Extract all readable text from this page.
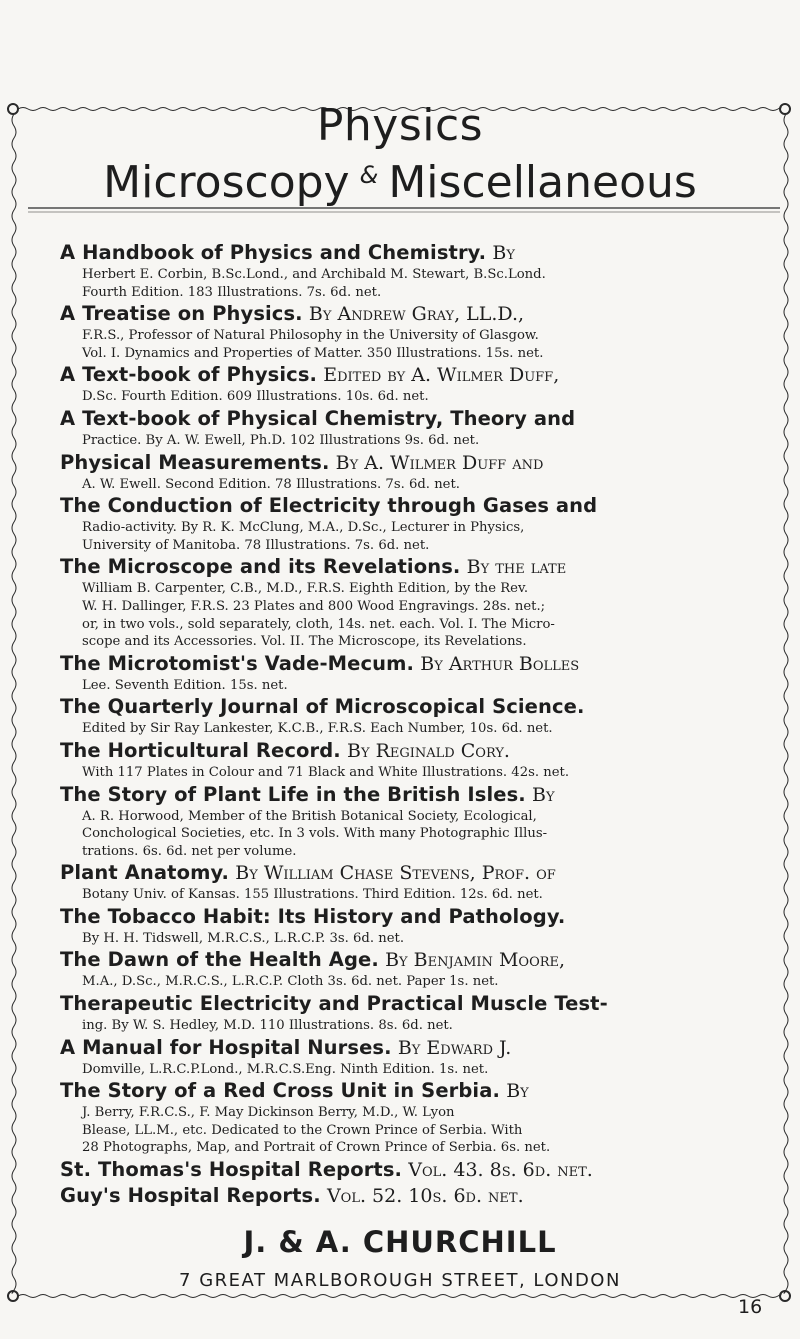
Physics
Microscopy & Miscellaneous
A Handbook of Physics and Chemistry. By
Herbert E. Corbin, B.Sc.Lond., and Archibald M. Stewart, B.Sc.Lond.
Fourth Edition. 183 Illustrations. 7s. 6d. net.
A Treatise on Physics. By Andrew Gray, LL.D.,
F.R.S., Professor of Natural Philosophy in the University of Glasgow.
Vol. I. Dynamics and Properties of Matter. 350 Illustrations. 15s. net.
A Text-book of Physics. Edited by A. Wilmer Duff,
D.Sc. Fourth Edition. 609 Illustrations. 10s. 6d. net.
A Text-book of Physical Chemistry, Theory and
Practice. By A. W. Ewell, Ph.D. 102 Illustrations 9s. 6d. net.
Physical Measurements. By A. Wilmer Duff and
A. W. Ewell. Second Edition. 78 Illustrations. 7s. 6d. net.
The Conduction of Electricity through Gases and
Radio-activity. By R. K. McClung, M.A., D.Sc., Lecturer in Physics,
University of Manitoba. 78 Illustrations. 7s. 6d. net.
The Microscope and its Revelations. By the late
William B. Carpenter, C.B., M.D., F.R.S. Eighth Edition, by the Rev.
W. H. Dallinger, F.R.S. 23 Plates and 800 Wood Engravings. 28s. net.;
or, in two vols., sold separately, cloth, 14s. net. each. Vol. I. The Micro-
scope and its Accessories. Vol. II. The Microscope, its Revelations.
The Microtomist's Vade-Mecum. By Arthur Bolles
Lee. Seventh Edition. 15s. net.
The Quarterly Journal of Microscopical Science.
Edited by Sir Ray Lankester, K.C.B., F.R.S. Each Number, 10s. 6d. net.
The Horticultural Record. By Reginald Cory.
With 117 Plates in Colour and 71 Black and White Illustrations. 42s. net.
The Story of Plant Life in the British Isles. By
A. R. Horwood, Member of the British Botanical Society, Ecological,
Conchological Societies, etc. In 3 vols. With many Photographic Illus-
trations. 6s. 6d. net per volume.
Plant Anatomy. By William Chase Stevens, Prof. of
Botany Univ. of Kansas. 155 Illustrations. Third Edition. 12s. 6d. net.
The Tobacco Habit: Its History and Pathology.
By H. H. Tidswell, M.R.C.S., L.R.C.P. 3s. 6d. net.
The Dawn of the Health Age. By Benjamin Moore,
M.A., D.Sc., M.R.C.S., L.R.C.P. Cloth 3s. 6d. net. Paper 1s. net.
Therapeutic Electricity and Practical Muscle Test-
ing. By W. S. Hedley, M.D. 110 Illustrations. 8s. 6d. net.
A Manual for Hospital Nurses. By Edward J.
Domville, L.R.C.P.Lond., M.R.C.S.Eng. Ninth Edition. 1s. net.
The Story of a Red Cross Unit in Serbia. By
J. Berry, F.R.C.S., F. May Dickinson Berry, M.D., W. Lyon
Blease, LL.M., etc. Dedicated to the Crown Prince of Serbia. With
28 Photographs, Map, and Portrait of Crown Prince of Serbia. 6s. net.
St. Thomas's Hospital Reports. Vol. 43. 8s. 6d. net.
Guy's Hospital Reports. Vol. 52. 10s. 6d. net.
J. & A. CHURCHILL
7 GREAT MARLBOROUGH STREET, LONDON
16
